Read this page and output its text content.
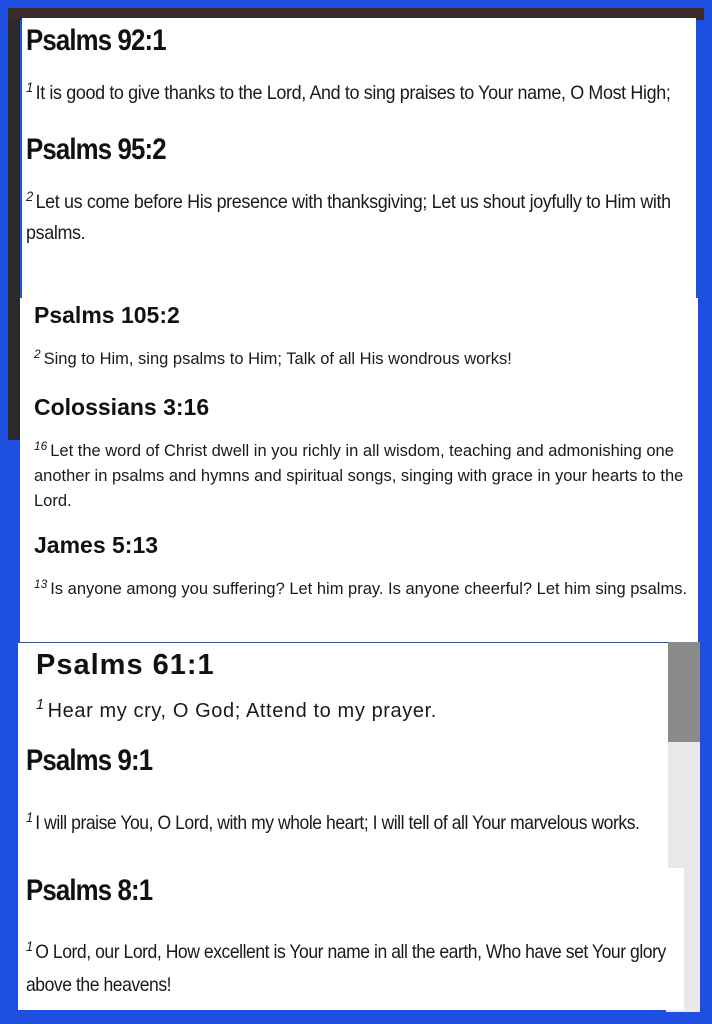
Psalms 92:1

$^1$ It is good to give thanks to the Lord, And to sing praises to Your name, O Most High;

Psalms 95:2

$^2$ Let us come before His presence with thanksgiving; Let us shout joyfully to Him with psalms.

Psalms 105:2

$^2$ Sing to Him, sing psalms to Him; Talk of all His wondrous works!

Colossians 3:16

$^{16}$ Let the word of Christ dwell in you richly in all wisdom, teaching and admonishing one another in psalms and hymns and spiritual songs, singing with grace in your hearts to the Lord.

James 5:13

$^{13}$ Is anyone among you suffering? Let him pray. Is anyone cheerful? Let him sing psalms.

Psalms 61:1

$^1$ Hear my cry, O God; Attend to my prayer.

Psalms 9:1

$^1$ I will praise You, O Lord, with my whole heart; I will tell of all Your marvelous works.

Psalms 8:1

$^1$ O Lord, our Lord, How excellent is Your name in all the earth, Who have set Your glory above the heavens!
